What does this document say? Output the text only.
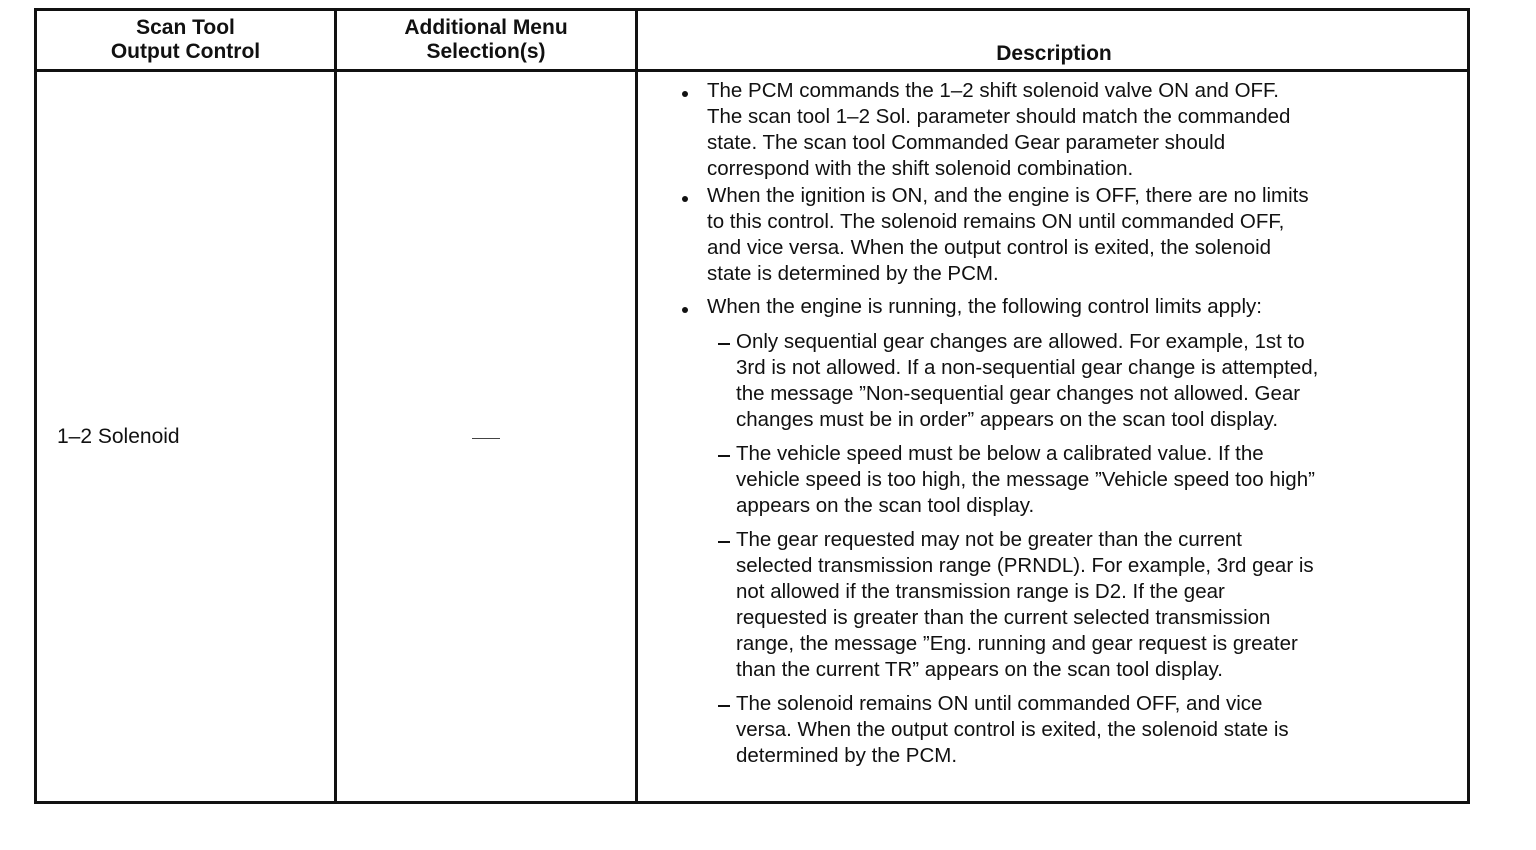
Scan Tool
Output Control
Additional Menu
Selection(s)	Description
1–2 Solenoid
The PCM commands the 1–2 shift solenoid valve ON and OFF.
The scan tool 1–2 Sol. parameter should match the commanded
state. The scan tool Commanded Gear parameter should
correspond with the shift solenoid combination.
When the ignition is ON, and the engine is OFF, there are no limits
to this control. The solenoid remains ON until commanded OFF,
and vice versa. When the output control is exited, the solenoid
state is determined by the PCM.
When the engine is running, the following control limits apply:
Only sequential gear changes are allowed. For example, 1st to
3rd is not allowed. If a non-sequential gear change is attempted,
the message ”Non-sequential gear changes not allowed. Gear
changes must be in order” appears on the scan tool display.
The vehicle speed must be below a calibrated value. If the
vehicle speed is too high, the message ”Vehicle speed too high”
appears on the scan tool display.
The gear requested may not be greater than the current
selected transmission range (PRNDL). For example, 3rd gear is
not allowed if the transmission range is D2. If the gear
requested is greater than the current selected transmission
range, the message ”Eng. running and gear request is greater
than the current TR” appears on the scan tool display.
The solenoid remains ON until commanded OFF, and vice
versa. When the output control is exited, the solenoid state is
determined by the PCM.
